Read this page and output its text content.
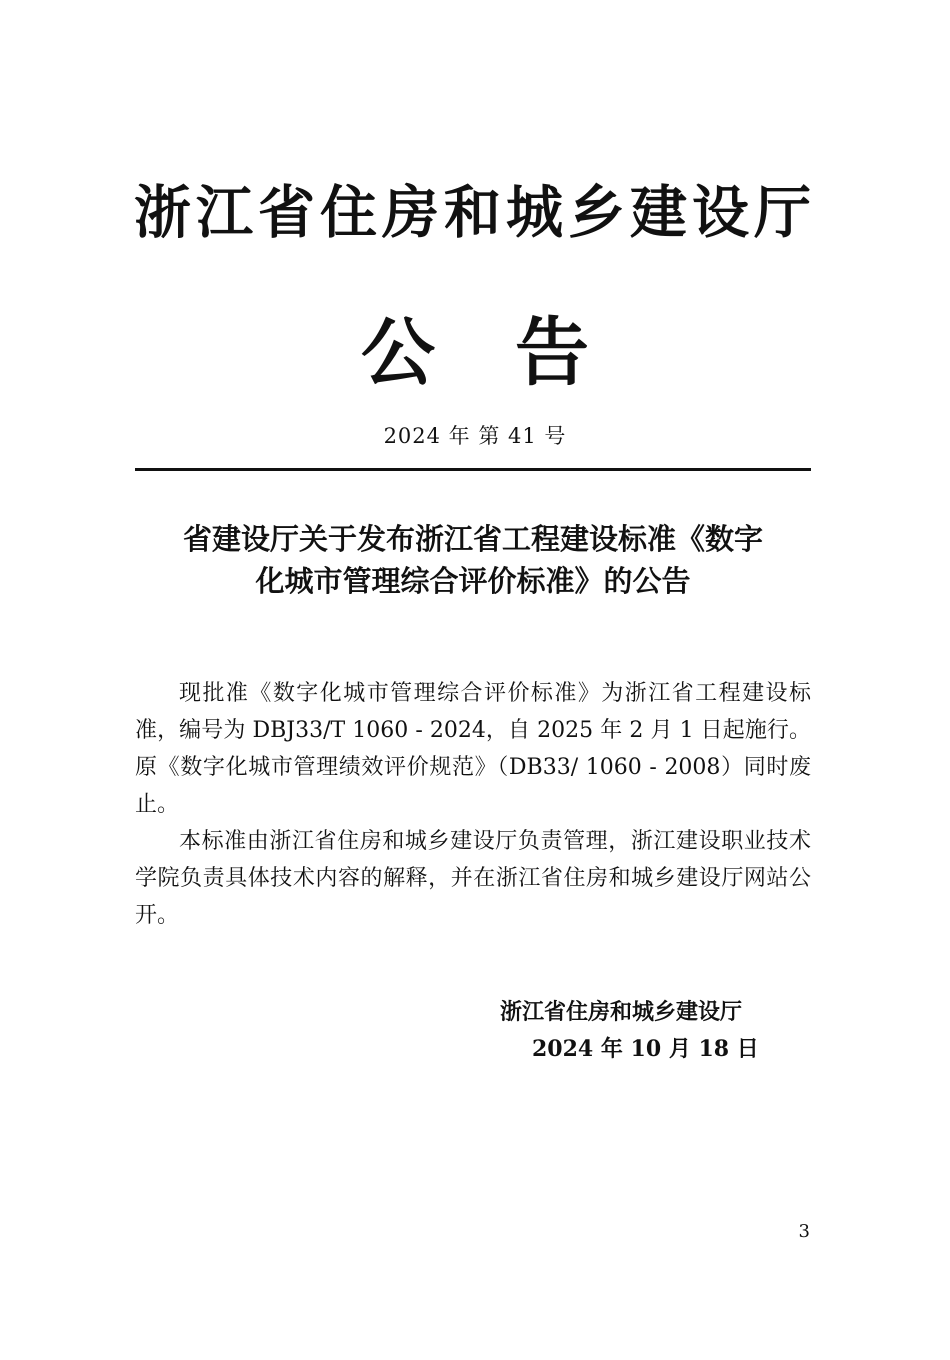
浙江省住房和城乡建设厅
公 告
2024 年 第 41 号
省建设厅关于发布浙江省工程建设标准《数字
化城市管理综合评价标准》的公告

现批准《数字化城市管理综合评价标准》为浙江省工程建设标准，编号为 DBJ33/T 1060 - 2024，自 2025 年 2 月 1 日起施行。原《数字化城市管理绩效评价规范》（DB33/ 1060 - 2008）同时废止。

本标准由浙江省住房和城乡建设厅负责管理，浙江建设职业技术学院负责具体技术内容的解释，并在浙江省住房和城乡建设厅网站公开。

浙江省住房和城乡建设厅
2024 年 10 月 18 日
3
